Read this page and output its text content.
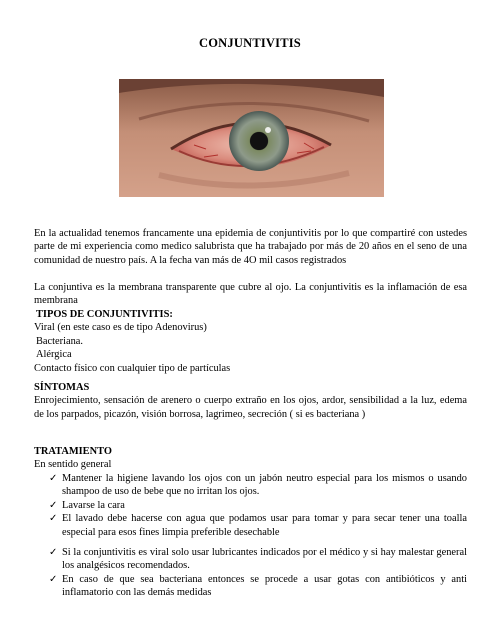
CONJUNTIVITIS
En la actualidad tenemos francamente una epidemia de conjuntivitis por lo que compartiré con ustedes parte de mi experiencia como medico salubrista que ha trabajado por más de 20 años en el seno de una comunidad de nuestro país. A la fecha van más de 4O mil casos registrados
La conjuntiva es la membrana transparente que cubre al ojo. La conjuntivitis es la inflamación de esa membrana
TIPOS DE CONJUNTIVITIS:
Viral (en este caso es de tipo Adenovirus)
Bacteriana.
Alérgica
Contacto físico con cualquier tipo de partículas
SÍNTOMAS
Enrojecimiento, sensación de arenero o cuerpo extraño en los ojos, ardor, sensibilidad a la luz, edema de los parpados, picazón, visión borrosa, lagrimeo, secreción ( si es bacteriana )
TRATAMIENTO
En sentido general
✓ Mantener la higiene lavando los ojos con un jabón neutro especial para los mismos o usando shampoo de uso de bebe que no irritan los ojos.
✓ Lavarse la cara
✓ El lavado debe hacerse con agua que podamos usar para tomar y para secar tener una toalla especial para esos fines limpia preferible desechable
✓ Si la conjuntivitis es viral solo usar lubricantes indicados por el médico y si hay malestar general los analgésicos recomendados.
✓ En caso de que sea bacteriana entonces se procede a usar gotas con antibióticos y anti inflamatorio con las demás medidas
